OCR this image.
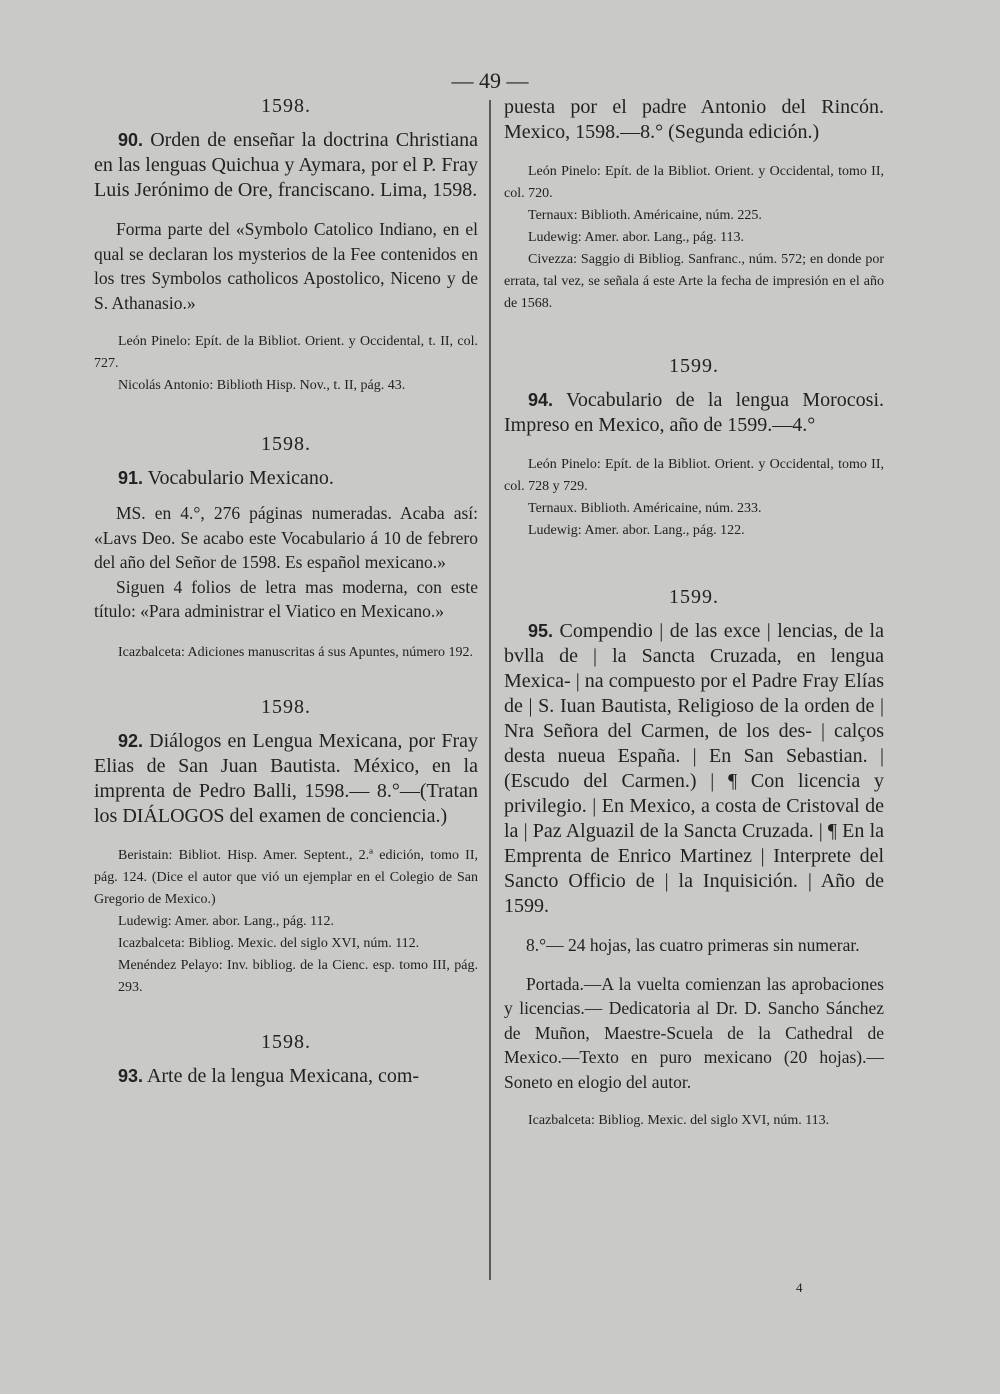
— 49 —

1598.

90. Orden de enseñar la doctrina Christiana en las lenguas Quichua y Aymara, por el P. Fray Luis Jerónimo de Ore, franciscano. Lima, 1598.

Forma parte del «Symbolo Catolico Indiano, en el qual se declaran los mysterios de la Fee contenidos en los tres Symbolos catholicos Apostolico, Niceno y de S. Athanasio.»

León Pinelo: Epít. de la Bibliot. Orient. y Occidental, t. II, col. 727.

Nicolás Antonio: Biblioth Hisp. Nov., t. II, pág. 43.

1598.

91. Vocabulario Mexicano.

MS. en 4.°, 276 páginas numeradas. Acaba así: «Lavs Deo. Se acabo este Vocabulario á 10 de febrero del año del Señor de 1598. Es español mexicano.»

Siguen 4 folios de letra mas moderna, con este título: «Para administrar el Viatico en Mexicano.»

Icazbalceta: Adiciones manuscritas á sus Apuntes, número 192.

1598.

92. Diálogos en Lengua Mexicana, por Fray Elias de San Juan Bautista. México, en la imprenta de Pedro Balli, 1598.— 8.°—(Tratan los DIÁLOGOS del examen de conciencia.)

Beristain: Bibliot. Hisp. Amer. Septent., 2.ª edición, tomo II, pág. 124. (Dice el autor que vió un ejemplar en el Colegio de San Gregorio de Mexico.)

Ludewig: Amer. abor. Lang., pág. 112.

Icazbalceta: Bibliog. Mexic. del siglo XVI, núm. 112.

Menéndez Pelayo: Inv. bibliog. de la Cienc. esp. tomo III, pág. 293.

1598.

93. Arte de la lengua Mexicana, com-

puesta por el padre Antonio del Rincón. Mexico, 1598.—8.° (Segunda edición.)

León Pinelo: Epít. de la Bibliot. Orient. y Occidental, tomo II, col. 720.

Ternaux: Biblioth. Américaine, núm. 225.

Ludewig: Amer. abor. Lang., pág. 113.

Civezza: Saggio di Bibliog. Sanfranc., núm. 572; en donde por errata, tal vez, se señala á este Arte la fecha de impresión en el año de 1568.

1599.

94. Vocabulario de la lengua Morocosi. Impreso en Mexico, año de 1599.—4.°

León Pinelo: Epít. de la Bibliot. Orient. y Occidental, tomo II, col. 728 y 729.

Ternaux. Biblioth. Américaine, núm. 233.

Ludewig: Amer. abor. Lang., pág. 122.

1599.

95. Compendio | de las exce | lencias, de la bvlla de | la Sancta Cruzada, en lengua Mexica- | na compuesto por el Padre Fray Elías de | S. Iuan Bautista, Religioso de la orden de | Nra Señora del Carmen, de los des- | calços desta nueua España. | En San Sebastian. | (Escudo del Carmen.) | ¶ Con licencia y privilegio. | En Mexico, a costa de Cristoval de la | Paz Alguazil de la Sancta Cruzada. | ¶ En la Emprenta de Enrico Martinez | Interprete del Sancto Officio de | la Inquisición. | Año de 1599.

8.°— 24 hojas, las cuatro primeras sin numerar.

Portada.—A la vuelta comienzan las aprobaciones y licencias.— Dedicatoria al Dr. D. Sancho Sánchez de Muñon, Maestre-Scuela de la Cathedral de Mexico.—Texto en puro mexicano (20 hojas).—Soneto en elogio del autor.

Icazbalceta: Bibliog. Mexic. del siglo XVI, núm. 113.

4
